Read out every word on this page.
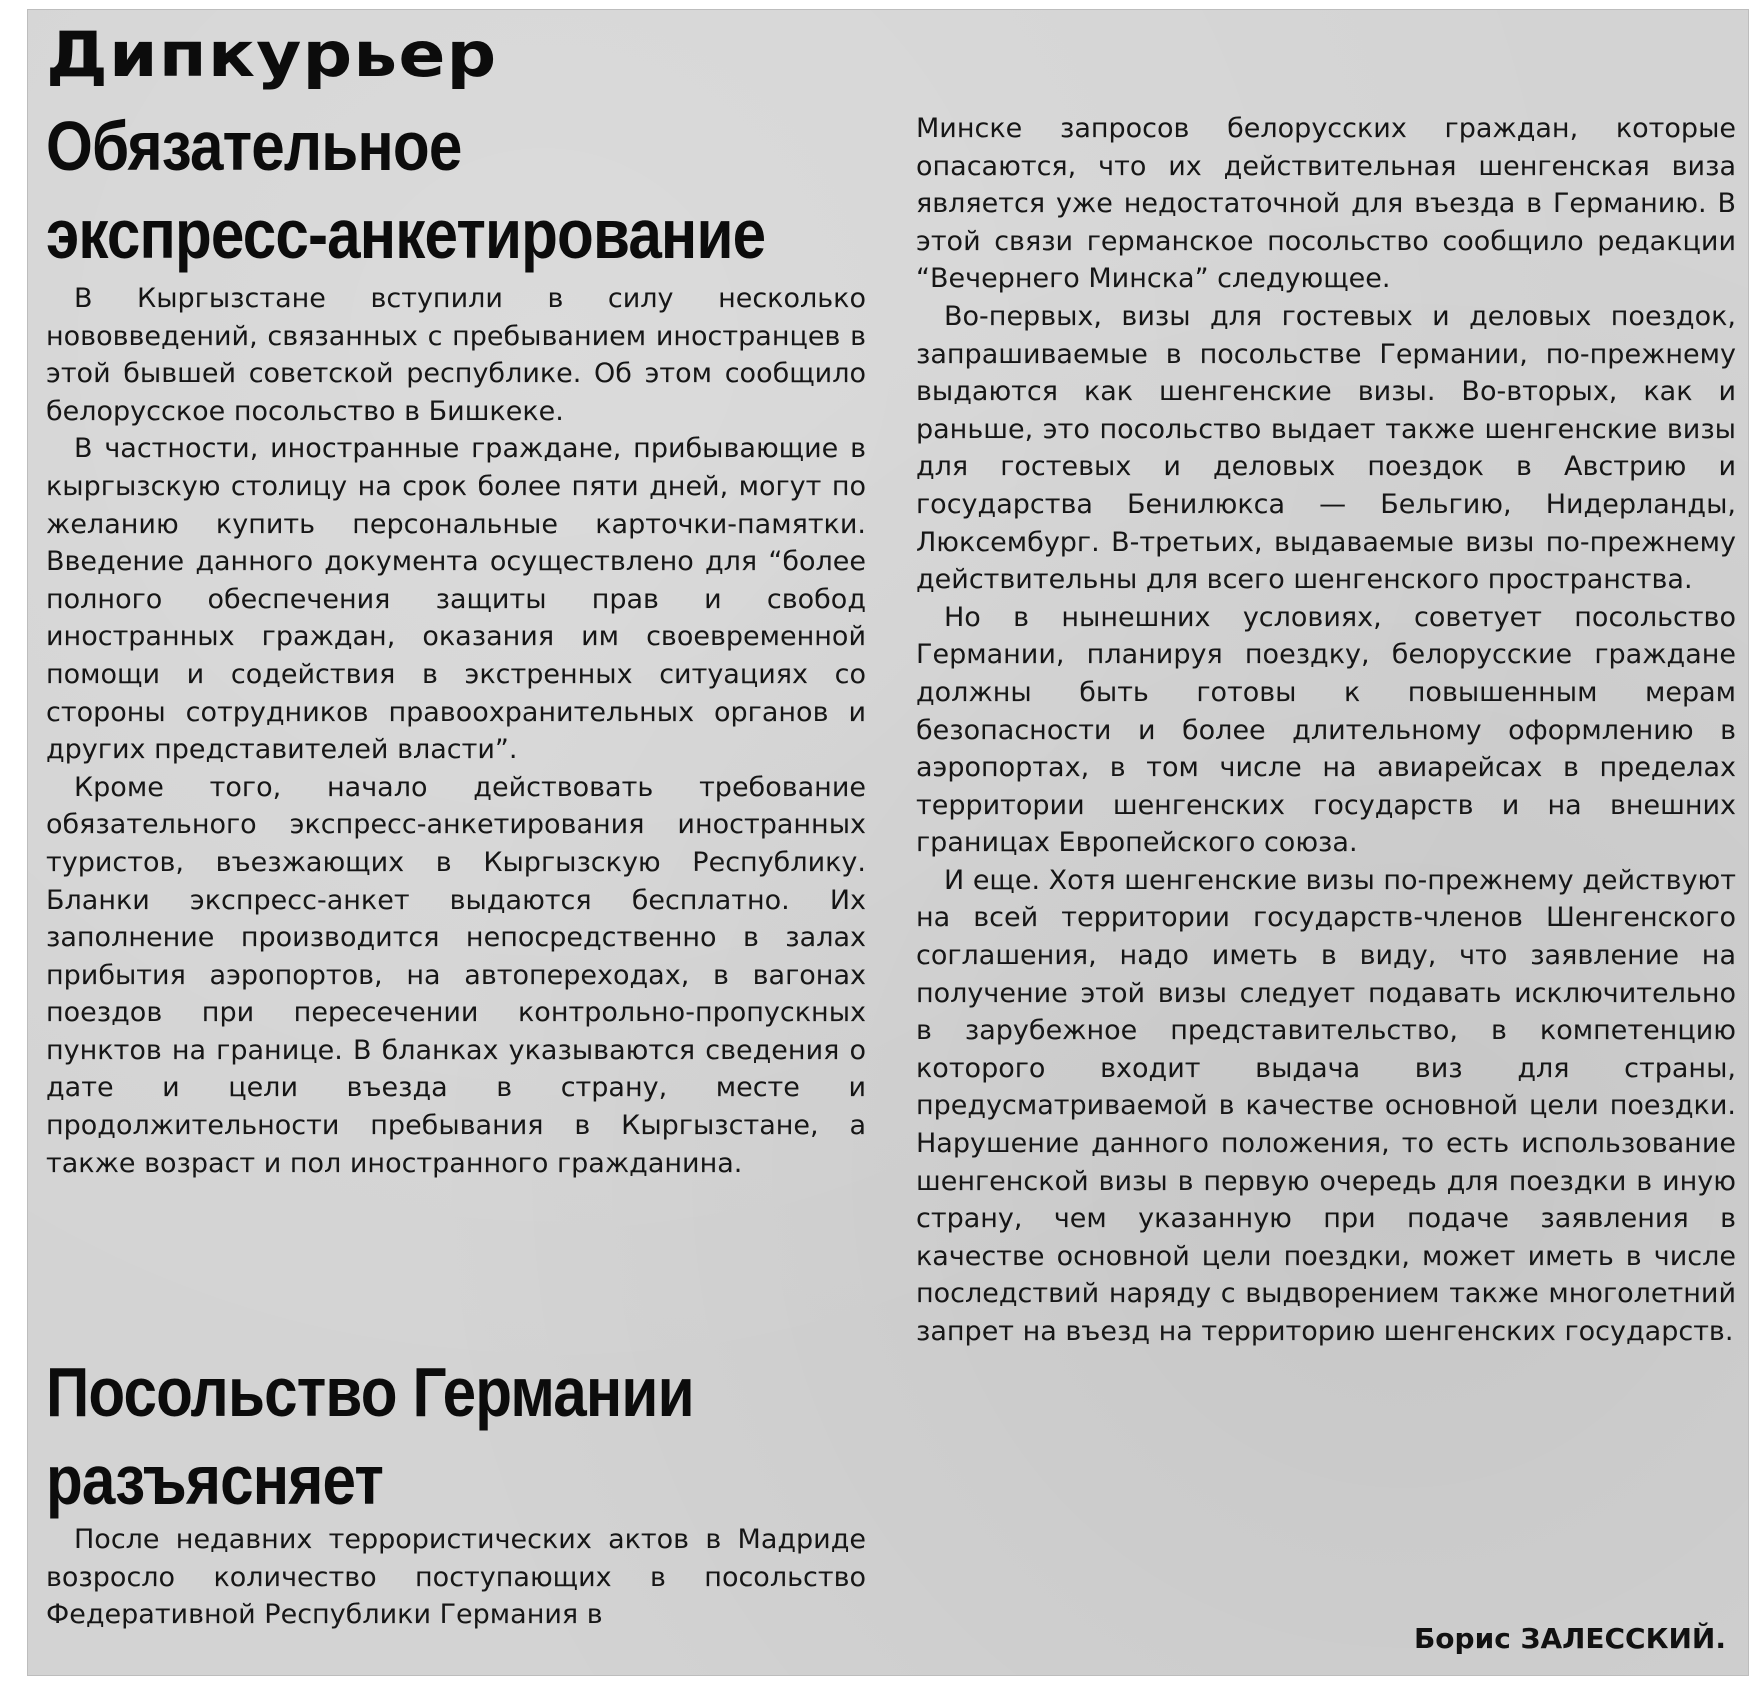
Дипкурьер
Обязательное
экспресс-анкетирование

В Кыргызстане вступили в силу несколько нововведений, связанных с пребыванием иностранцев в этой бывшей советской республике. Об этом сообщило белорусское посольство в Бишкеке.

В частности, иностранные граждане, прибывающие в кыргызскую столицу на срок более пяти дней, могут по желанию купить персональные карточки-памятки. Введение данного документа осуществлено для “более полного обеспечения защиты прав и свобод иностранных граждан, оказания им своевременной помощи и содействия в экстренных ситуациях со стороны сотрудников правоохранительных органов и других представителей власти”.

Кроме того, начало действовать требование обязательного экспресс-анкетирования иностранных туристов, въезжающих в Кыргызскую Республику. Бланки экспресс-анкет выдаются бесплатно. Их заполнение производится непосредственно в залах прибытия аэропортов, на автопереходах, в вагонах поездов при пересечении контрольно-пропускных пунктов на границе. В бланках указываются сведения о дате и цели въезда в страну, месте и продолжительности пребывания в Кыргызстане, а также возраст и пол иностранного гражданина.

Посольство Германии
разъясняет

После недавних террористических актов в Мадриде возросло количество поступающих в посольство Федеративной Республики Германия в

Минске запросов белорусских граждан, которые опасаются, что их действительная шенгенская виза является уже недостаточной для въезда в Германию. В этой связи германское посольство сообщило редакции “Вечернего Минска” следующее.

Во-первых, визы для гостевых и деловых поездок, запрашиваемые в посольстве Германии, по-прежнему выдаются как шенгенские визы. Во-вторых, как и раньше, это посольство выдает также шенгенские визы для гостевых и деловых поездок в Австрию и государства Бенилюкса — Бельгию, Нидерланды, Люксембург. В-третьих, выдаваемые визы по-прежнему действительны для всего шенгенского пространства.

Но в нынешних условиях, советует посольство Германии, планируя поездку, белорусские граждане должны быть готовы к повышенным мерам безопасности и более длительному оформлению в аэропортах, в том числе на авиарейсах в пределах территории шенгенских государств и на внешних границах Европейского союза.

И еще. Хотя шенгенские визы по-прежнему действуют на всей территории государств-членов Шенгенского соглашения, надо иметь в виду, что заявление на получение этой визы следует подавать исключительно в зарубежное представительство, в компетенцию которого входит выдача виз для страны, предусматриваемой в качестве основной цели поездки. Нарушение данного положения, то есть использование шенгенской визы в первую очередь для поездки в иную страну, чем указанную при подаче заявления в качестве основной цели поездки, может иметь в числе последствий наряду с выдворением также многолетний запрет на въезд на территорию шенгенских государств.

Борис ЗАЛЕССКИЙ.
